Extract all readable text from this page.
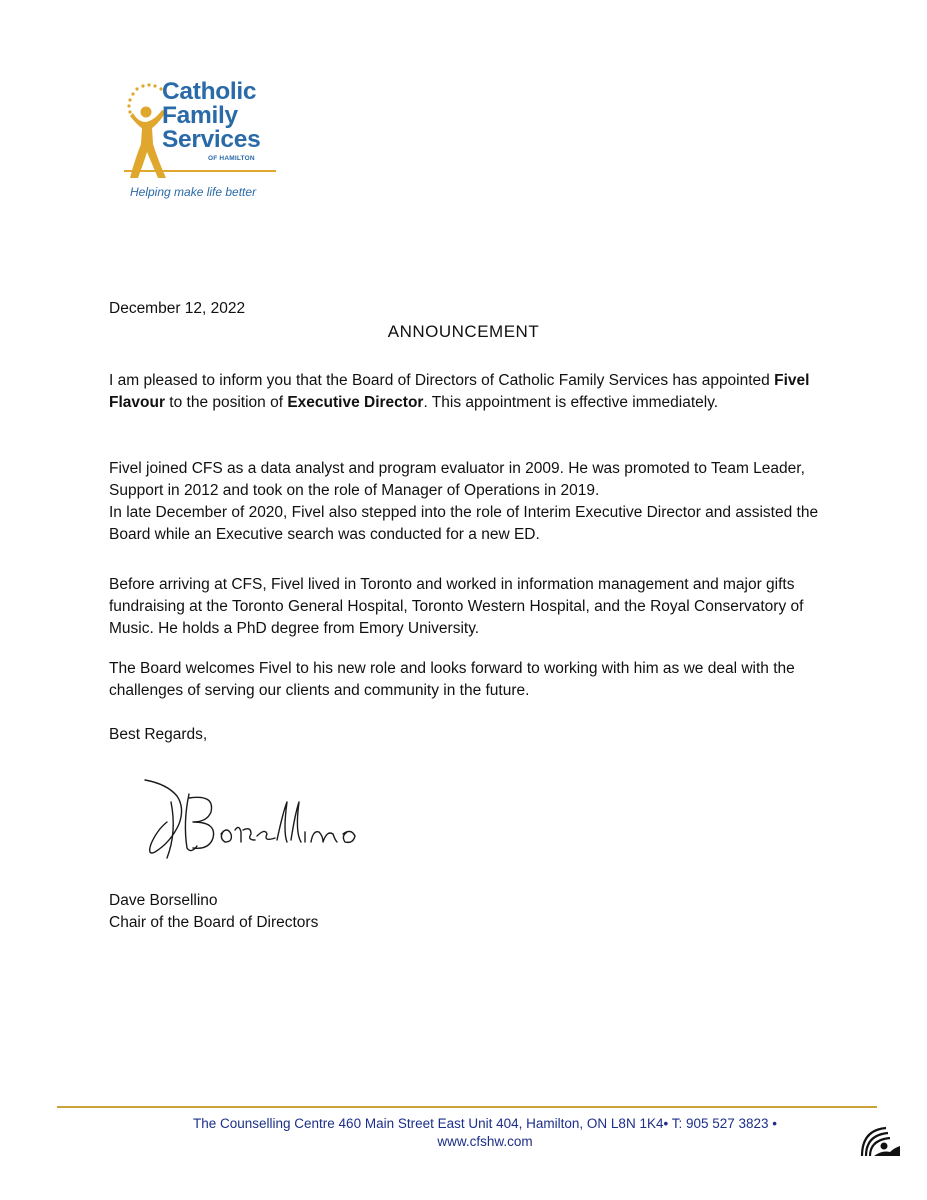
Catholic
Family
Services
OF HAMILTON
Helping make life better
December 12, 2022
ANNOUNCEMENT
I am pleased to inform you that the Board of Directors of Catholic Family Services has appointed Fivel Flavour to the position of Executive Director. This appointment is effective immediately.
Fivel joined CFS as a data analyst and program evaluator in 2009. He was promoted to Team Leader, Support in 2012 and took on the role of Manager of Operations in 2019.
In late December of 2020, Fivel also stepped into the role of Interim Executive Director and assisted the Board while an Executive search was conducted for a new ED.
Before arriving at CFS, Fivel lived in Toronto and worked in information management and major gifts fundraising at the Toronto General Hospital, Toronto Western Hospital, and the Royal Conservatory of Music. He holds a PhD degree from Emory University.
The Board welcomes Fivel to his new role and looks forward to working with him as we deal with the challenges of serving our clients and community in the future.
Best Regards,
Dave Borsellino
Chair of the Board of Directors
The Counselling Centre 460 Main Street East Unit 404, Hamilton, ON L8N 1K4• T: 905 527 3823 •
www.cfshw.com
